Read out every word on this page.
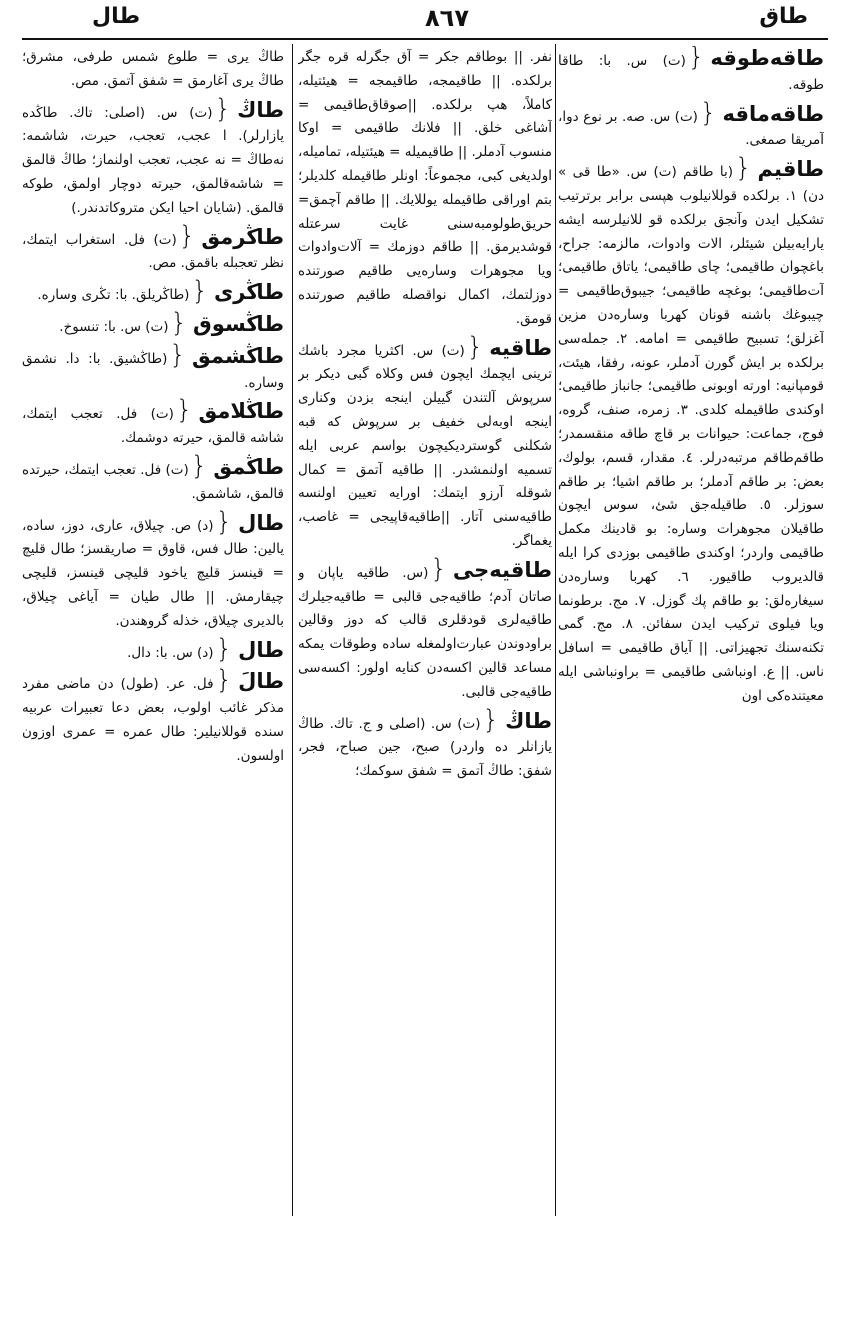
طال	٨٦٧	طاق

طاقه‌طوقه{(ت) س. با: طاقا طوقه.

طاقه‌ماقه{(ت) س. صه. بر نوع دوا، آمريقا صمغى.

طاقيم{(با طاقم (ت) س. «طا قى » دن) ١. برلكده قوللانيلوب هپسى برابر برترتيب تشكيل ايدن وآنجق برلكده قو للانيلرسه ايشه يارايه‌بيلن شيئلر، الات وادوات، مالزمه: جراح، باغچوان طاقيمى؛ چاى طاقيمى؛ ياتاق طاقيمى؛ آت‌طاقيمى؛ بوغچه طاقيمى؛ جيبوق‌طاقيمى = چيبوغك باشنه قونان كهربا وساره‌دن مزين آغزلق؛ تسبيح طاقيمى = امامه. ٢. جمله‌سى برلكده بر ايش گورن آدملر، عونه، رفقا، هيئت، قومپانيه: اورته اوبونى طاقيمى؛ جانباز طاقيمى؛ اوكندى طاقيمله كلدى. ٣. زمره، صنف، گروه، فوج، جماعت: حيوانات بر قاچ طاقه منقسمدر؛ طاقم‌طاقم مرتبه‌درلر. ٤. مقدار، قسم، بولوك، بعض: بر طاقم آدملر؛ بر طاقم اشيا؛ بر طاقم سوزلر. ٥. طاقيله‌جق شئ، سوس ايچون طاقيلان مجوهرات وساره: بو قادينك مكمل طاقيمى واردر؛ اوكندى طاقيمى بوزدى كرا ايله قالديروب طاقيور. ٦. كهربا وساره‌دن سيغاره‌لق: بو طاقم پك گوزل. ٧. مج. برطونما ويا فيلوى تركيب ايدن سفائن. ٨. مج. گمى تكنه‌سنك تجهيزاتى. || آياق طاقيمى = اسافل ناس. || ع. اونباشى طاقيمى = براونباشى ايله معيتنده‌كى اون

نفر. || بوطاقم جكر = آق جگرله قره جگر برلكده. || طاقيمجه، طاقيمجه = هيئتيله، كاملاً، هپ برلكده. ||صوقاق‌طاقيمى = آشاغى خلق. || فلانك طاقيمى = اوكا منسوب آدملر. || طاقيميله = هيئتيله، تماميله، اولديغى كبى، مجموعاً: اونلر طاقيمله كلديلر؛ بتم اوراقى طاقيمله يوللايك. || طاقم آچمق= حريق‌طولومبه‌سنى غايت سرعتله قوشديرمق. || طاقم دوزمك = آلات‌وادوات ويا مجوهرات وساره‌يى طاقيم صورتنده دوزلتمك، اكمال نواقصله طاقيم صورتنده قومق.

طاقيه{(ت) س. اكثريا مجرد باشك ترينى ايچمك ايچون فس وكلاه گبى ديكر بر سرپوش آلتندن گييلن اينجه بزدن وكنارى اينجه اوبه‌لى خفيف بر سرپوش كه قبه شكلنى گوسترديكيچون بواسم عربى ايله تسميه اولنمشدر. || طاقيه آتمق = كمال شوقله آرزو ايتمك: اورايه تعيين اولنسه طاقيه‌سنى آتار. ||طاقيه‌قاپيجى = غاصب، يغماگر.

طاقيه‌جى{(س. طاقيه ياپان و صاتان آدم؛ طاقيه‌جى قالبى = طاقيه‌جيلرك طاقيه‌لرى قودقلرى قالب كه دوز وقالين براودوندن عبارت‌اولمغله ساده وطوقات يمكه مساعد قالين اكسه‌دن كنايه اولور: اكسه‌سى طاقيه‌جى قالبى.

طاڭ{(ت) س. (اصلى و ج. تاك. طاڭ يازانلر ده واردر) صبح، جين صباح، فجر، شفق: طاڭ آتمق = شفق سوكمك؛

طاڭ يرى = طلوع شمس طرفى، مشرق؛ طاڭ يرى آغارمق = شفق آتمق. مص.

طاڭ{(ت) س. (اصلى: تاك. طاڭده يازارلر). ا عجب، تعجب، حيرت، شاشمه: نه‌طاڭ = نه عجب، تعجب اولنماز؛ طاڭ قالمق = شاشه‌قالمق، حيرته دوچار اولمق، طوكه قالمق. (شايان احيا ايكن متروكاتدندر.)

طاڭرمق{(ت) فل. استغراب ايتمك، نظر تعجبله باقمق. مص.

طاڭرى{(طاڭريلق. با: تڭرى وساره.

طاڭسوق{(ت) س. با: تنسوخ.

طاڭشمق{(طاڭشيق. با: دا. نشمق وساره.

طاڭلامق{(ت) فل. تعجب ايتمك، شاشه قالمق، حيرته دوشمك.

طاڭمق{(ت) فل. تعجب ايتمك، حيرتده قالمق، شاشمق.

طال{(د) ص. چيلاق، عارى، دوز، ساده، يالين: طال فس، قاوق = صاريقسز؛ طال قليچ = قينسز قليچ ياخود قليچى قينسز، قليچى چيقارمش. || طال طيان = آياغى چيلاق، بالديرى چيلاق، خذله گروهندن.

طال{(د) س. با: دال.

طالَ{فل. عر. (طول) دن ماضى مفرد مذكر غائب اولوب، بعض دعا تعبيرات عربيه سنده قوللانيلير: طال عمره = عمرى اوزون اولسون.
